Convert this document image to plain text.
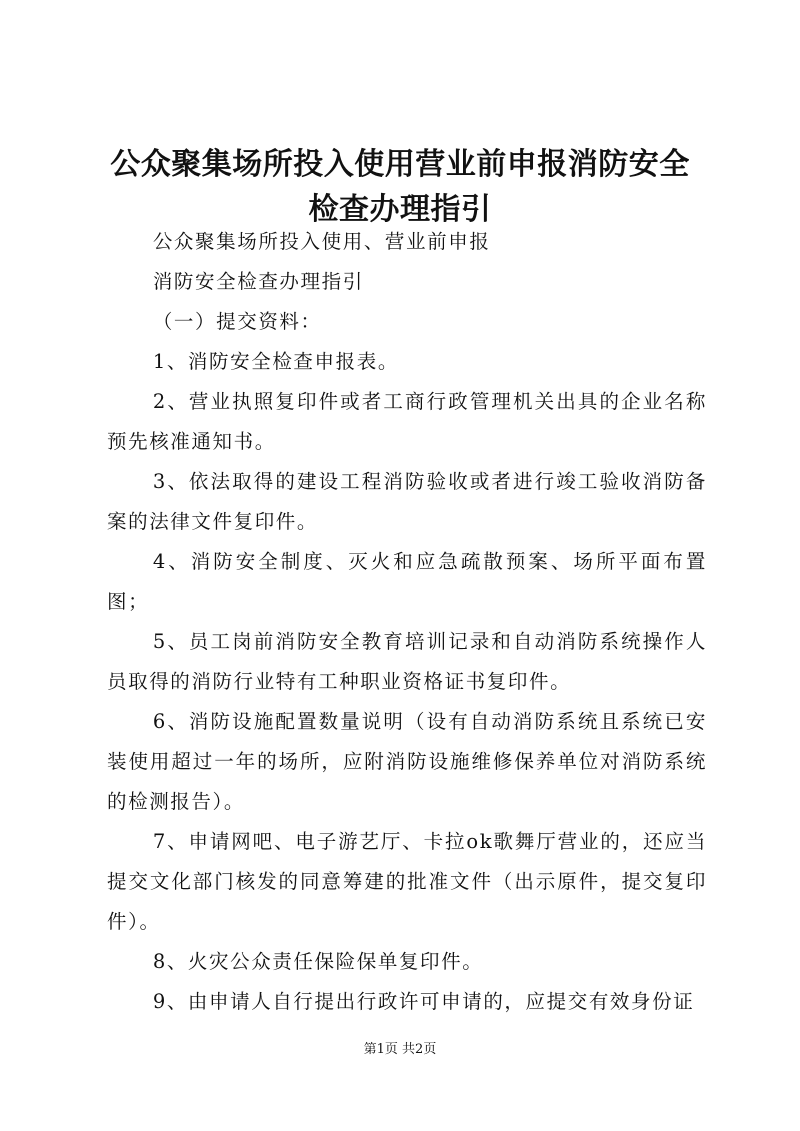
公众聚集场所投入使用营业前申报消防安全检查办理指引

公众聚集场所投入使用、营业前申报

消防安全检查办理指引

（一）提交资料：

1、消防安全检查申报表。

2、营业执照复印件或者工商行政管理机关出具的企业名称预先核准通知书。

3、依法取得的建设工程消防验收或者进行竣工验收消防备案的法律文件复印件。

4、消防安全制度、灭火和应急疏散预案、场所平面布置图；

5、员工岗前消防安全教育培训记录和自动消防系统操作人员取得的消防行业特有工种职业资格证书复印件。

6、消防设施配置数量说明（设有自动消防系统且系统已安装使用超过一年的场所，应附消防设施维修保养单位对消防系统的检测报告）。

7、申请网吧、电子游艺厅、卡拉ok歌舞厅营业的，还应当提交文化部门核发的同意筹建的批准文件（出示原件，提交复印件）。

8、火灾公众责任保险保单复印件。

9、由申请人自行提出行政许可申请的，应提交有效身份证

第1页 共2页
